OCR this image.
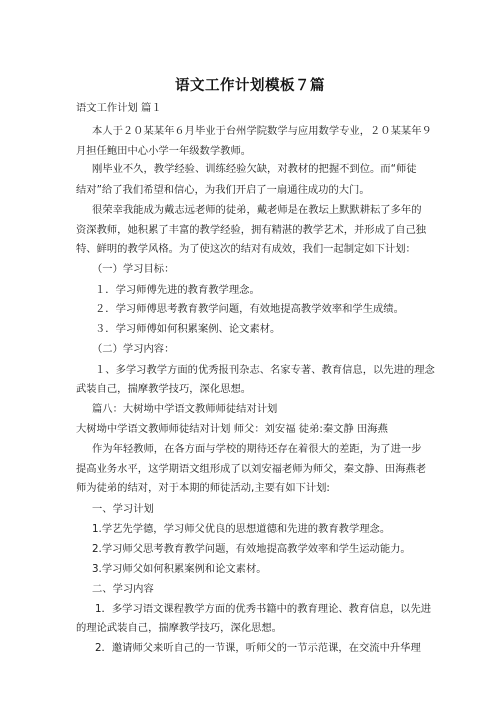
语文工作计划模板７篇
语文工作计划 篇１
本人于２０某某年６月毕业于台州学院数学与应用数学专业，２０某某年９
月担任鲍田中心小学一年级数学教师。
刚毕业不久，教学经验、训练经验欠缺，对教材的把握不到位。而“师徒
结对”给了我们希望和信心，为我们开启了一扇通往成功的大门。
很荣幸我能成为戴志远老师的徒弟，戴老师是在教坛上默默耕耘了多年的
资深教师，她积累了丰富的教学经验，拥有精湛的教学艺术，并形成了自己独
特、鲜明的教学风格。为了使这次的结对有成效，我们一起制定如下计划：
（一）学习目标：
１．学习师傅先进的教育教学理念。
２．学习师傅思考教育教学问题，有效地提高教学效率和学生成绩。
３．学习师傅如何积累案例、论文素材。
（二）学习内容：
１、多学习教学方面的优秀报刊杂志、名家专著、教育信息，以先进的理念
武装自己，揣摩教学技巧，深化思想。
篇八：大树坳中学语文教师师徒结对计划
大树坳中学语文教师师徒结对计划 师父：刘安福 徒弟:秦文静 田海燕
作为年轻教师，在各方面与学校的期待还存在着很大的差距，为了进一步
提高业务水平，这学期语文组形成了以刘安福老师为师父，秦文静、田海燕老
师为徒弟的结对，对于本期的师徒活动,主要有如下计划:
一、学习计划
1.学艺先学德，学习师父优良的思想道德和先进的教育教学理念。
2.学习师父思考教育教学问题，有效地提高教学效率和学生运动能力。
3.学习师父如何积累案例和论文素材。
二、学习内容
1．多学习语文课程教学方面的优秀书籍中的教育理论、教育信息，以先进
的理论武装自己，揣摩教学技巧，深化思想。
2．邀请师父来听自己的一节课，听师父的一节示范课，在交流中升华理
